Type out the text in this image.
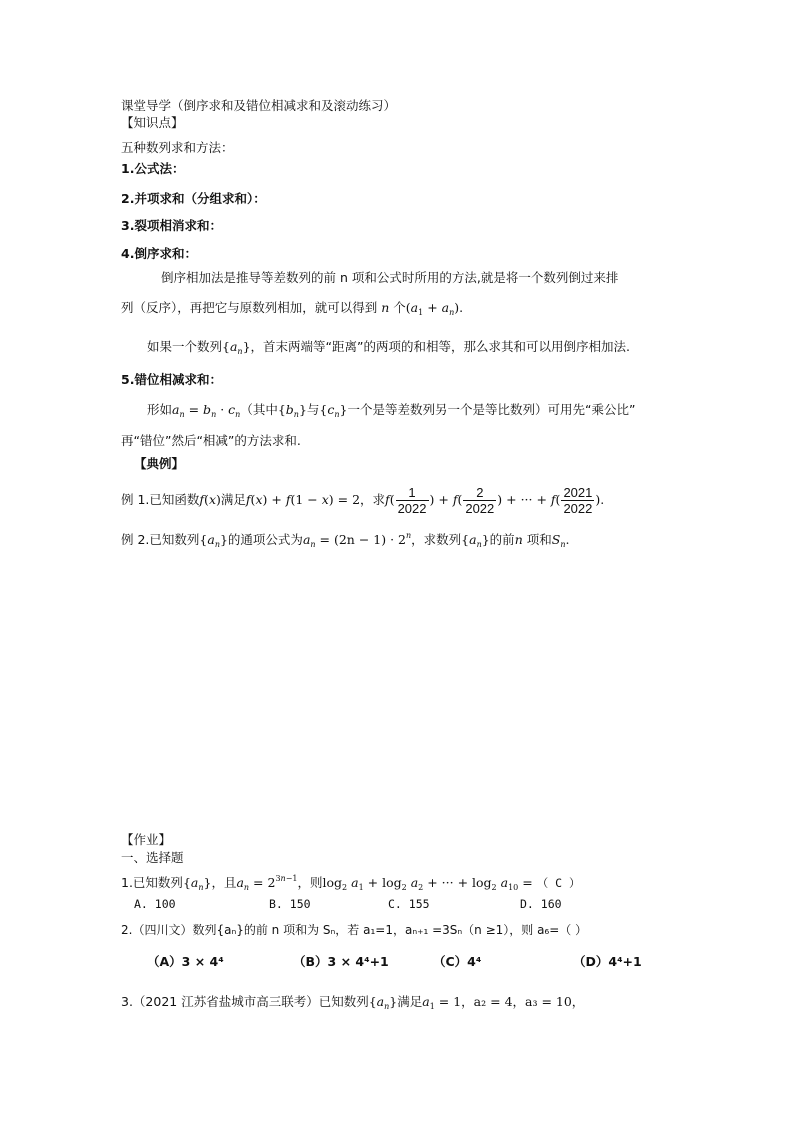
课堂导学（倒序求和及错位相减求和及滚动练习）
【知识点】
五种数列求和方法：
1.公式法：
2.并项求和（分组求和）：
3.裂项相消求和：
4.倒序求和：
倒序相加法是推导等差数列的前 n 项和公式时所用的方法,就是将一个数列倒过来排
列（反序），再把它与原数列相加，就可以得到 n 个$(a_1 + a_n)$.
如果一个数列$\{a_n\}$，首末两端等“距离”的两项的和相等，那么求其和可以用倒序相加法.
5.错位相减求和：
形如$a_n = b_n \cdot c_n$（其中$\{b_n\}$与$\{c_n\}$一个是等差数列另一个是等比数列）可用先“乘公比”
再“错位”然后“相减”的方法求和.
【典例】
例 1.已知函数f(x)满足f(x) + f(1 − x) = 2，求$f( \frac{1}{2022}$ ) + $f( \frac{2}{2022}$ ) + ··· + $f( \frac{2021}{2022}$ ).
例 2.已知数列$\{a_n\}$的通项公式为$a_n = (2n - 1) \cdot 2^n$，求数列$\{a_n\}$的前n 项和$S_n$.
【作业】
一、选择题
1.已知数列$\{a_n\}$，且$a_n = 2^{3n-1}$，则$\log_2 a_1 + \log_2 a_2$ + ··· + $\log_2 a_{10}$ = （ C ）
A. 100	B. 150	C. 155	D. 160
2.（四川文）数列{aₙ}的前 n 项和为 Sₙ，若 a₁=1，aₙ₊₁ =3Sₙ（n ≥1），则 a₆=（ ）
（A）3 × 4⁴	（B）3 × 4⁴+1	（C）4⁴	（D）4⁴+1
3.（2021 江苏省盐城市高三联考）已知数列$\{a_n\}$满足$a_1 = 1$，a₂ = 4，a₃ = 10，
